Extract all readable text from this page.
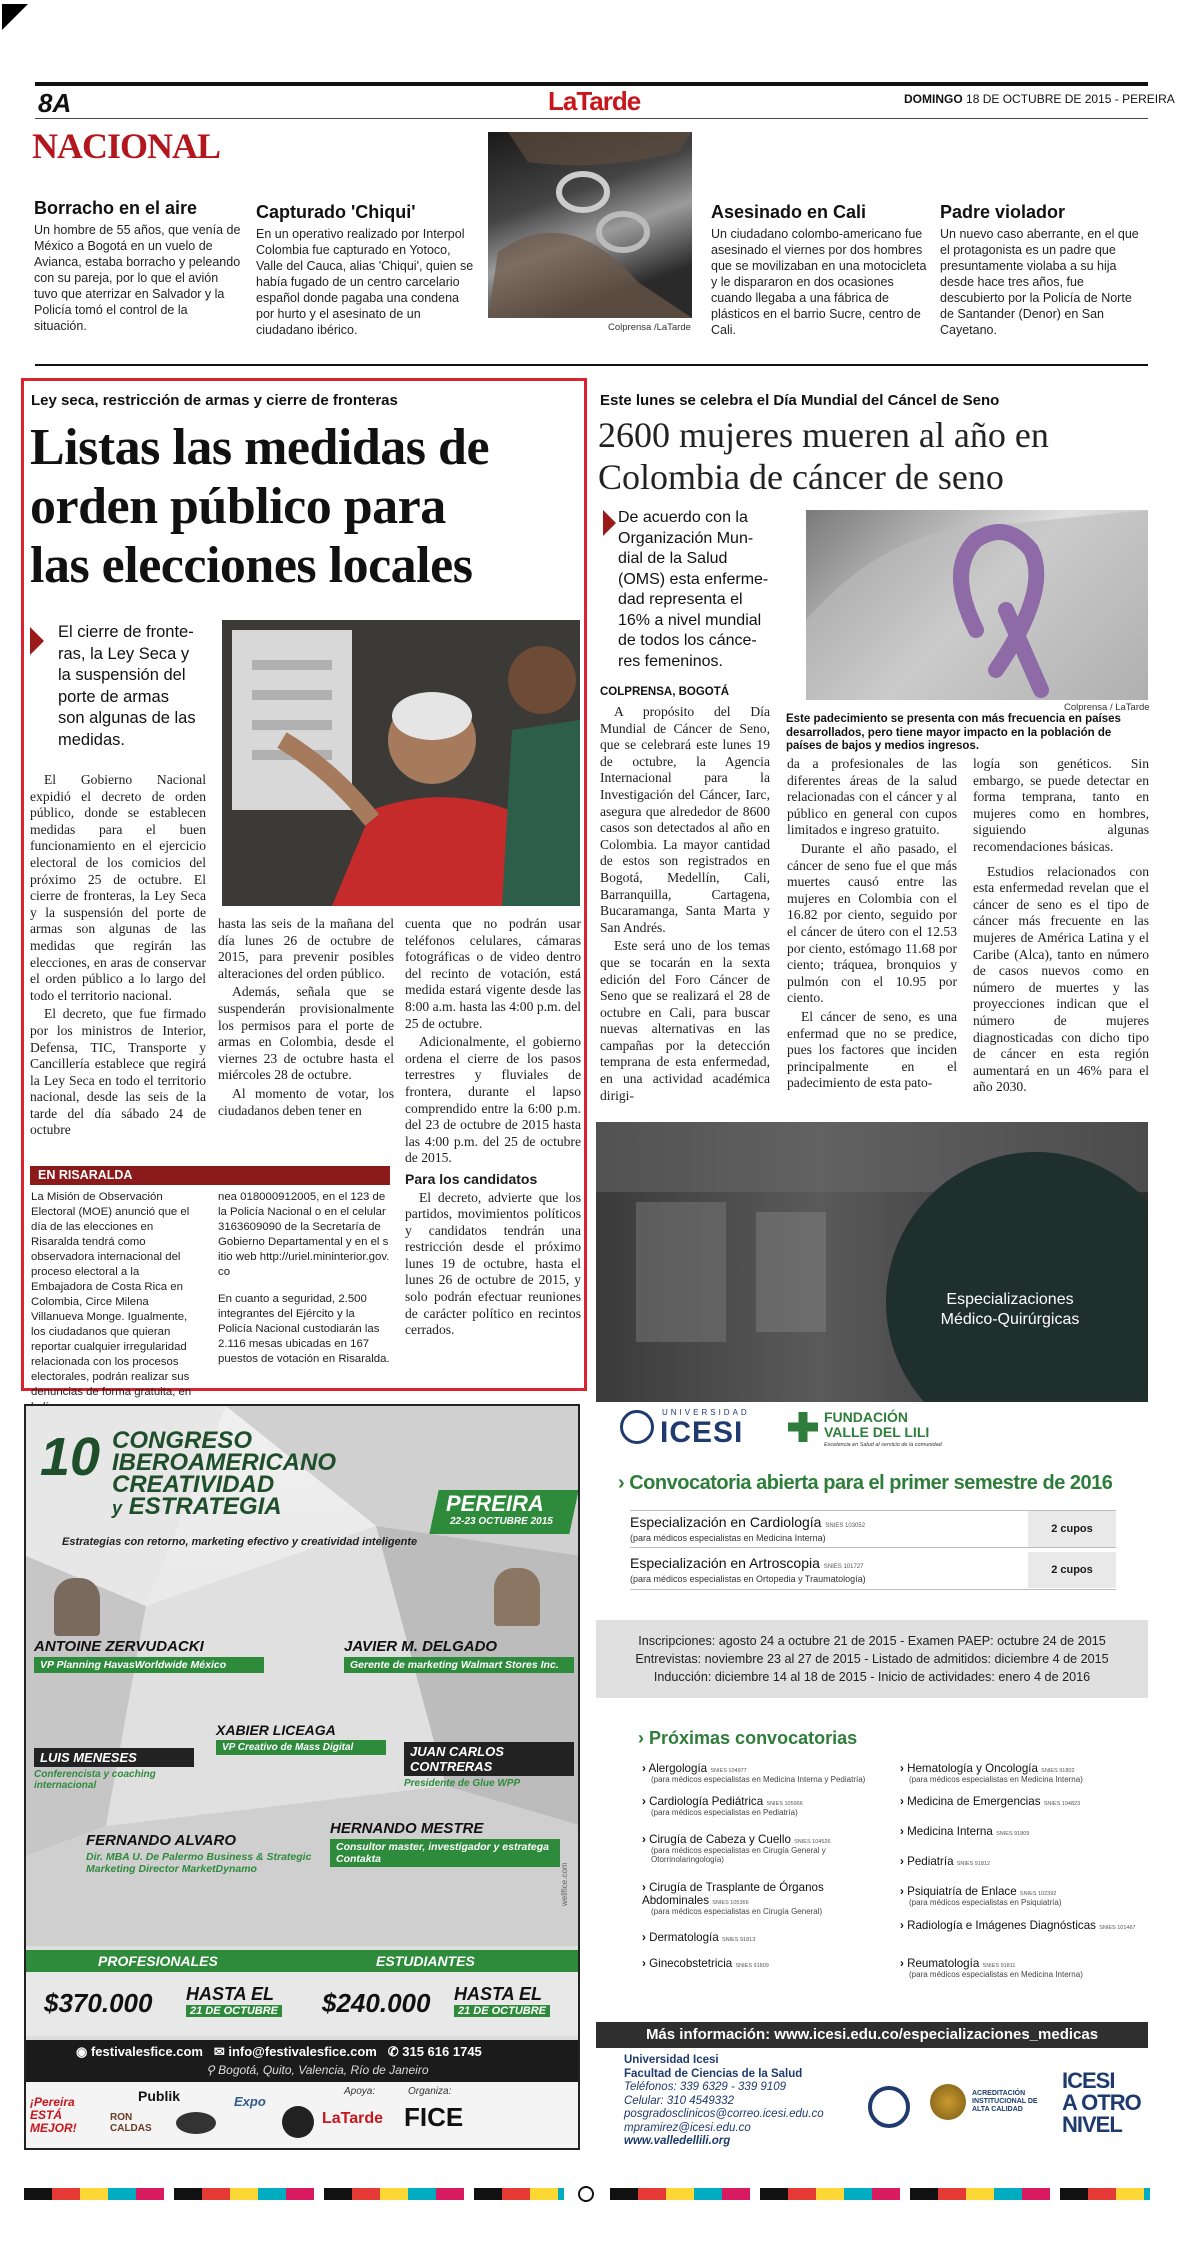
8A	LaTarde	DOMINGO 18 DE OCTUBRE DE 2015 - PEREIRA
NACIONAL
Borracho en el aire
Un hombre de 55 años, que venía de México a Bogotá en un vuelo de Avianca, estaba borracho y peleando con su pareja, por lo que el avión tuvo que aterrizar en Salvador y la Policía tomó el control de la situación.
Capturado 'Chiqui'
En un operativo realizado por Interpol Colombia fue capturado en Yotoco, Valle del Cauca, alias 'Chiqui', quien se había fugado de un centro carcelario español donde pagaba una condena por hurto y el asesinato de un ciudadano ibérico.	Colprensa /LaTarde
Asesinado en Cali
Un ciudadano colombo-americano fue asesinado el viernes por dos hombres que se movilizaban en una motocicleta y le dispararon en dos ocasiones cuando llegaba a una fábrica de plásticos en el barrio Sucre, centro de Cali.
Padre violador
Un nuevo caso aberrante, en el que el protagonista es un padre que presuntamente violaba a su hija desde hace tres años, fue descubierto por la Policía de Norte de Santander (Denor) en San Cayetano.
Ley seca, restricción de armas y cierre de fronteras
Listas las medidas de
orden público para
las elecciones locales
El cierre de fronte-
ras, la Ley Seca y
la suspensión del
porte de armas
son algunas de las
medidas.

El Gobierno Nacional expidió el decreto de orden público, donde se establecen medidas para el buen funcionamiento en el ejercicio electoral de los comicios del próximo 25 de octubre. El cierre de fronteras, la Ley Seca y la suspensión del porte de armas son algunas de las medidas que regirán las elecciones, en aras de conservar el orden público a lo largo del todo el territorio nacional.

El decreto, que fue firmado por los ministros de Interior, Defensa, TIC, Transporte y Cancillería establece que regirá la Ley Seca en todo el territorio nacional, desde las seis de la tarde del día sábado 24 de octubre

hasta las seis de la mañana del día lunes 26 de octubre de 2015, para prevenir posibles alteraciones del orden público.

Además, señala que se suspenderán provisionalmente los permisos para el porte de armas en Colombia, desde el viernes 23 de octubre hasta el miércoles 28 de octubre.

Al momento de votar, los ciudadanos deben tener en

cuenta que no podrán usar teléfonos celulares, cámaras fotográficas o de video dentro del recinto de votación, está medida estará vigente desde las 8:00 a.m. hasta las 4:00 p.m. del 25 de octubre.

Adicionalmente, el gobierno ordena el cierre de los pasos terrestres y fluviales de frontera, durante el lapso comprendido entre la 6:00 p.m. del 23 de octubre de 2015 hasta las 4:00 p.m. del 25 de octubre de 2015.

Para los candidatos

El decreto, advierte que los partidos, movimientos políticos y candidatos tendrán una restricción desde el próximo lunes 19 de octubre, hasta el lunes 26 de octubre de 2015, y solo podrán efectuar reuniones de carácter político en recintos cerrados.

EN RISARALDA
La Misión de Observación Electoral (MOE) anunció que el día de las elecciones en Risaralda tendrá como observadora internacional del proceso electoral a la Embajadora de Costa Rica en Colombia, Circe Milena Villanueva Monge. Igualmente, los ciudadanos que quieran reportar cualquier irregularidad relacionada con los procesos electorales, podrán realizar sus denuncias de forma gratuita, en
nea 018000912005, en el 123 de la Policía Nacional o en el celular 3163609090 de la Secretaría de Gobierno Departamental y en el sitio web http://uriel.mininterior.gov.co
En cuanto a seguridad, 2.500 integrantes del Ejército y la Policía Nacional custodiarán las 2.116 mesas ubicadas en 167 puestos de votación en Risaralda.
Este lunes se celebra el Día Mundial del Cáncel de Seno
2600 mujeres mueren al año en
Colombia de cáncer de seno
De acuerdo con la
Organización Mun-
dial de la Salud
(OMS) esta enferme-
dad representa el
16% a nivel mundial
de todos los cánce-
res femeninos.
COLPRENSA, BOGOTÁ
Colprensa / LaTarde
Este padecimiento se presenta con más frecuencia en países desarrollados, pero tiene mayor impacto en la población de países de bajos y medios ingresos.

A propósito del Día Mundial de Cáncer de Seno, que se celebrará este lunes 19 de octubre, la Agencia Internacional para la Investigación del Cáncer, Iarc, asegura que alrededor de 8600 casos son detectados al año en Colombia. La mayor cantidad de estos son registrados en Bogotá, Medellín, Cali, Barranquilla, Cartagena, Bucaramanga, Santa Marta y San Andrés.

Este será uno de los temas que se tocarán en la sexta edición del Foro Cáncer de Seno que se realizará el 28 de octubre en Cali, para buscar nuevas alternativas en las campañas por la detección temprana de esta enfermedad, en una actividad académica dirigi-

da a profesionales de las diferentes áreas de la salud relacionadas con el cáncer y al público en general con cupos limitados e ingreso gratuito.

Durante el año pasado, el cáncer de seno fue el que más muertes causó entre las mujeres en Colombia con el 16.82 por ciento, seguido por el cáncer de útero con el 12.53 por ciento, estómago 11.68 por ciento; tráquea, bronquios y pulmón con el 10.95 por ciento.

El cáncer de seno, es una enfermad que no se predice, pues los factores que inciden principalmente en el padecimiento de esta pato-

logía son genéticos. Sin embargo, se puede detectar en forma temprana, tanto en mujeres como en hombres, siguiendo algunas recomendaciones básicas.

Estudios relacionados con esta enfermedad revelan que el cáncer de seno es el tipo de cáncer más frecuente en las mujeres de América Latina y el Caribe (Alca), tanto en número de casos nuevos como en número de muertes y las proyecciones indican que el número de mujeres diagnosticadas con dicho tipo de cáncer en esta región aumentará en un 46% para el año 2030.

Especializaciones Médico-Quirúrgicas
10 CONGRESO
IBEROAMERICANO
CREATIVIDAD
y ESTRATEGIA	PEREIRA
22-23 OCTUBRE 2015
Estrategias con retorno, marketing efectivo y creatividad inteligente
ANTOINE ZERVUDACKI
VP Planning HavasWorldwide México
JAVIER M. DELGADO
Gerente de marketing Walmart Stores Inc.
XABIER LICEAGA
VP Creativo de Mass Digital
LUIS MENESES
Conferencista y coaching internacional
JUAN CARLOS CONTRERAS
Presidente de Glue WPP
FERNANDO ALVARO
Dir. MBA U. De Palermo Business & Strategic Marketing Director MarketDynamo
HERNANDO MESTRE
Consultor master, investigador y estratega Contakta
wellfice.com
PROFESIONALES	ESTUDIANTES
$370.000 HASTA EL
21 DE OCTUBRE $240.000 HASTA EL
21 DE OCTUBRE
◉ festivalesfice.com ✉ info@festivalesfice.com ✆ 315 616 1745
⚲ Bogotá, Quito, Valencia, Río de Janeiro
¡Pereira ESTÁ MEJOR!
Publik
RON CALDAS
Expo
Apoya:
LaTarde
Organiza:
FICE
UNIVERSIDAD
ICESI	FUNDACIÓN VALLE DEL LILI
Excelencia en Salud al servicio de la comunidad
› Convocatoria abierta para el primer semestre de 2016
Especialización en Cardiología SNIES 103052
(para médicos especialistas en Medicina Interna)
2 cupos
Especialización en Artroscopia SNIES 101727
(para médicos especialistas en Ortopedia y Traumatología)
2 cupos
Inscripciones: agosto 24 a octubre 21 de 2015 - Examen PAEP: octubre 24 de 2015
Entrevistas: noviembre 23 al 27 de 2015 - Listado de admitidos: diciembre 4 de 2015
Inducción: diciembre 14 al 18 de 2015 - Inicio de actividades: enero 4 de 2016
› Próximas convocatorias
› Alergología SNIES 104977
(para médicos especialistas en Medicina Interna y Pediatría)
› Cardiología Pediátrica SNIES 105966
(para médicos especialistas en Pediatría)
› Cirugía de Cabeza y Cuello SNIES 104526
(para médicos especialistas en Cirugía General y Otorrinolaringología)
› Cirugía de Trasplante de Órganos Abdominales SNIES 105366
(para médicos especialistas en Cirugía General)
› Dermatología SNIES 91813
› Ginecobstetricia SNIES 91809
› Hematología y Oncología SNIES 91802
(para médicos especialistas en Medicina Interna)
› Medicina de Emergencias SNIES 104823
› Medicina Interna SNIES 91809
› Pediatría SNIES 91812
› Psiquiatría de Enlace SNIES 102392
(para médicos especialistas en Psiquiatría)
› Radiología e Imágenes Diagnósticas SNIES 101467
› Reumatología SNIES 91811
(para médicos especialistas en Medicina Interna)
Más información: www.icesi.edu.co/especializaciones_medicas
Universidad Icesi
Facultad de Ciencias de la Salud
Teléfonos: 339 6329 - 339 9109
Celular: 310 4549332
posgradosclinicos@correo.icesi.edu.co
mpramirez@icesi.edu.co
www.valledellili.org
ACREDITACIÓN INSTITUCIONAL DE ALTA CALIDAD
ICESI
A OTRO
NIVEL
